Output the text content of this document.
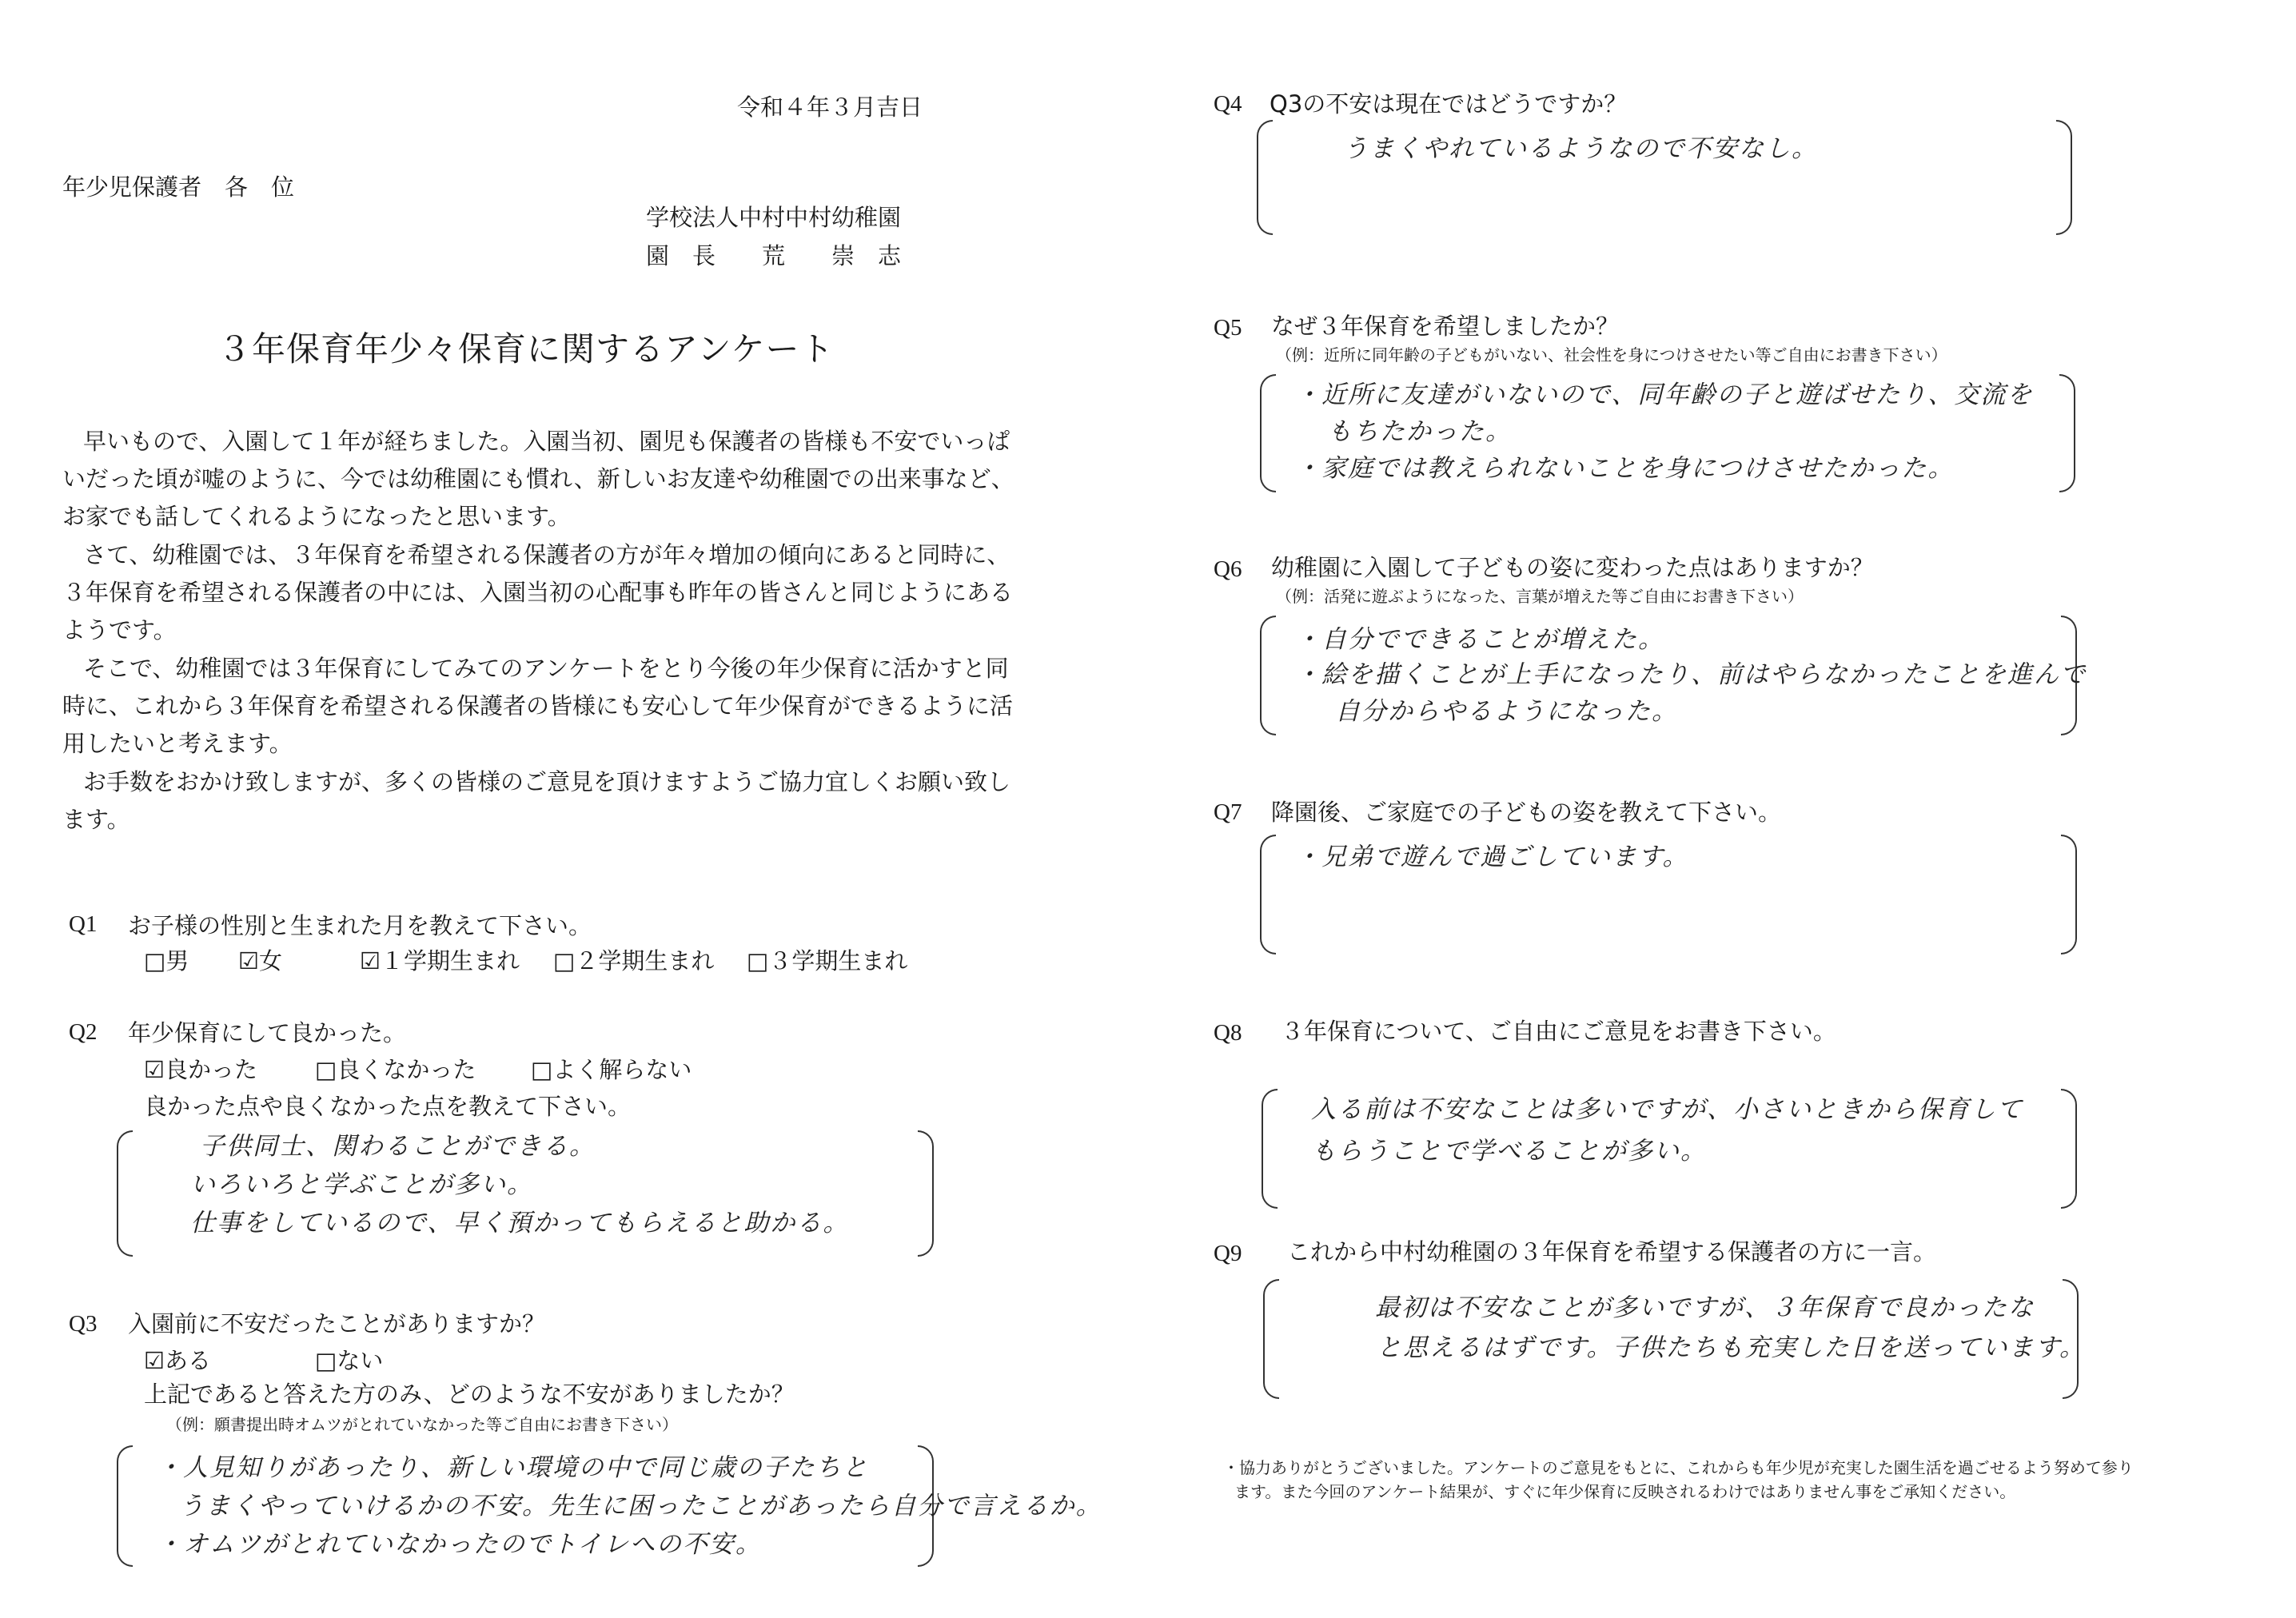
令和４年３月吉日
年少児保護者　各　位
学校法人中村中村幼稚園
園　長　　荒　　崇　志
３年保育年少々保育に関するアンケート
早いもので、入園して１年が経ちました。入園当初、園児も保護者の皆様も不安でいっぱ
いだった頃が嘘のように、今では幼稚園にも慣れ、新しいお友達や幼稚園での出来事など、
お家でも話してくれるようになったと思います。
さて、幼稚園では、３年保育を希望される保護者の方が年々増加の傾向にあると同時に、
３年保育を希望される保護者の中には、入園当初の心配事も昨年の皆さんと同じようにある
ようです。
そこで、幼稚園では３年保育にしてみてのアンケートをとり今後の年少保育に活かすと同
時に、これから３年保育を希望される保護者の皆様にも安心して年少保育ができるように活
用したいと考えます。
お手数をおかけ致しますが、多くの皆様のご意見を頂けますようご協力宜しくお願い致し
ます。
Q1 お子様の性別と生まれた月を教えて下さい。
□男 ☑女	☑１学期生まれ □２学期生まれ □３学期生まれ
Q2 年少保育にして良かった。
☑良かった □良くなかった □よく解らない
良かった点や良くなかった点を教えて下さい。
子供同士、関わることができる。
いろいろと学ぶことが多い。
仕事をしているので、早く預かってもらえると助かる。
Q3 入園前に不安だったことがありますか？
☑ある	□ない
上記であると答えた方のみ、どのような不安がありましたか？
（例：願書提出時オムツがとれていなかった等ご自由にお書き下さい）
・人見知りがあったり、新しい環境の中で同じ歳の子たちと
うまくやっていけるかの不安。先生に困ったことがあったら自分で言えるか。
・オムツがとれていなかったのでトイレへの不安。
Q4 Q3の不安は現在ではどうですか？
うまくやれているようなので不安なし。
Q5 なぜ３年保育を希望しましたか？
（例：近所に同年齢の子どもがいない、社会性を身につけさせたい等ご自由にお書き下さい）
・近所に友達がいないので、同年齢の子と遊ばせたり、交流を
もちたかった。
・家庭では教えられないことを身につけさせたかった。
Q6 幼稚園に入園して子どもの姿に変わった点はありますか？
（例：活発に遊ぶようになった、言葉が増えた等ご自由にお書き下さい）
・自分でできることが増えた。
・絵を描くことが上手になったり、前はやらなかったことを進んで
自分からやるようになった。
Q7 降園後、ご家庭での子どもの姿を教えて下さい。
・兄弟で遊んで過ごしています。
Q8 ３年保育について、ご自由にご意見をお書き下さい。
入る前は不安なことは多いですが、小さいときから保育して
もらうことで学べることが多い。
Q9 これから中村幼稚園の３年保育を希望する保護者の方に一言。
最初は不安なことが多いですが、３年保育で良かったな
と思えるはずです。子供たちも充実した日を送っています。
・協力ありがとうございました。アンケートのご意見をもとに、これからも年少児が充実した園生活を過ごせるよう努めて参り
ます。また今回のアンケート結果が、すぐに年少保育に反映されるわけではありません事をご承知ください。
